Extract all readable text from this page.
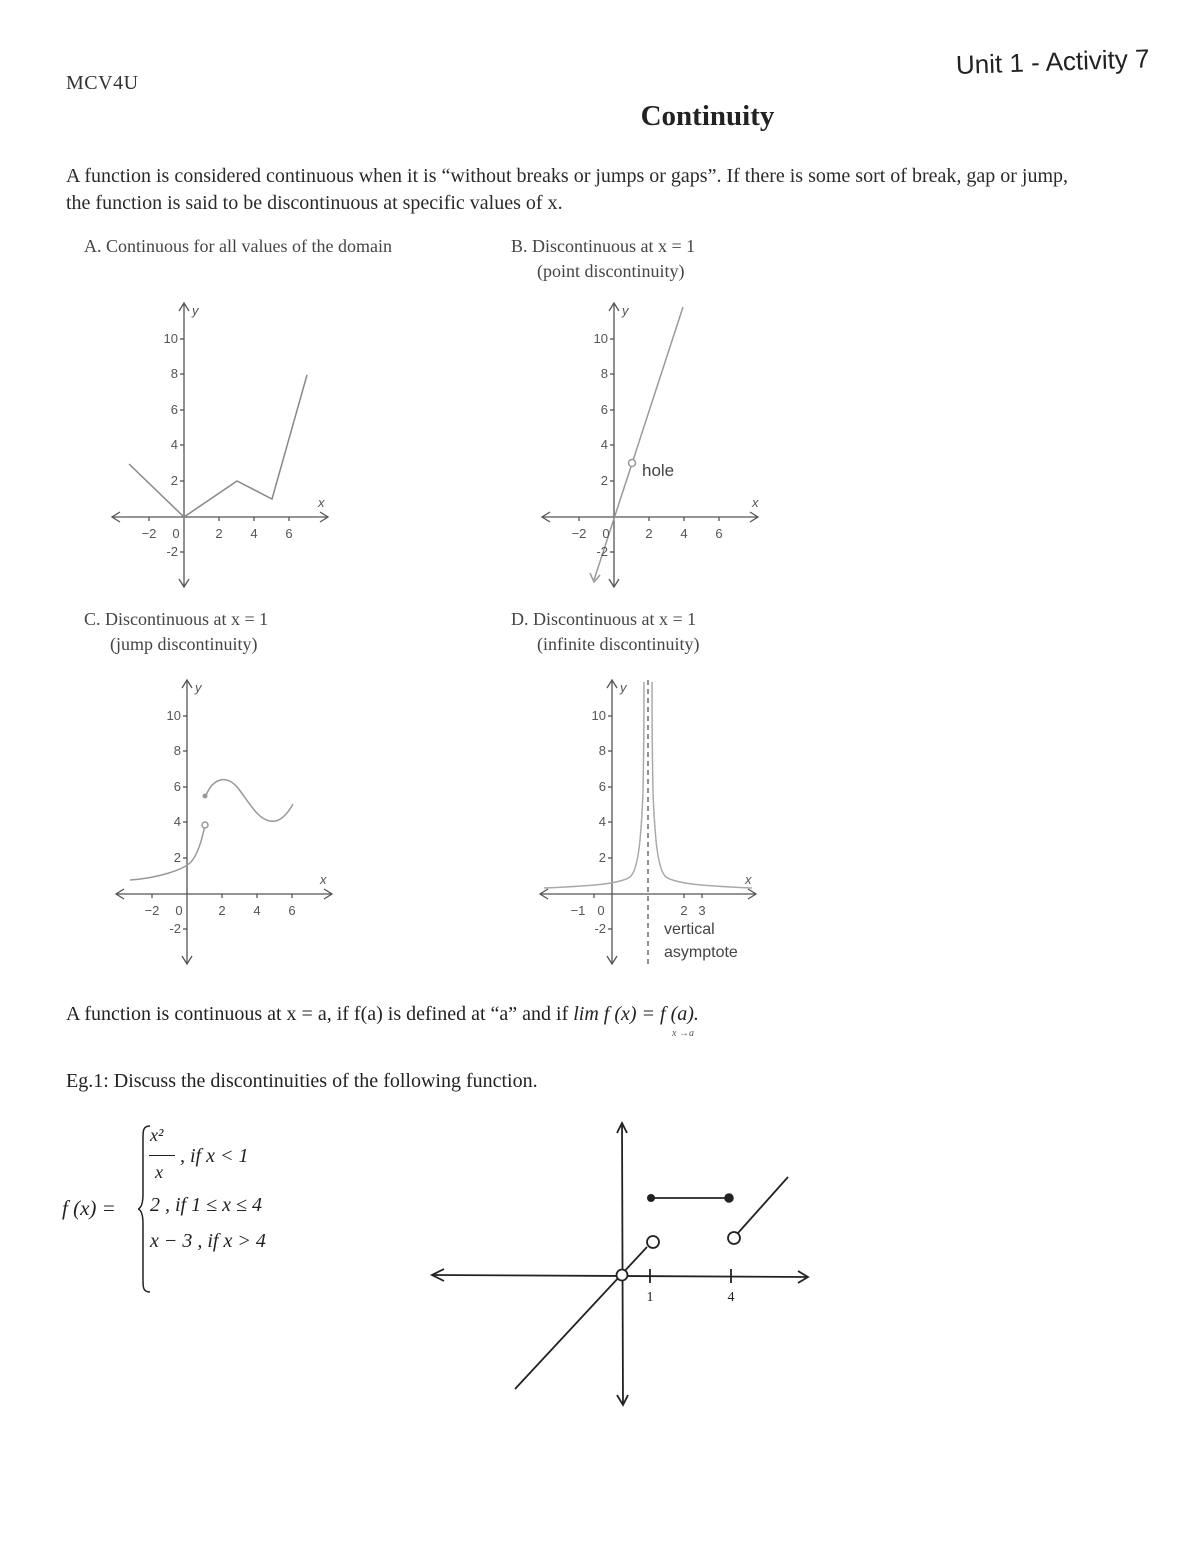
MCV4U
Unit 1 - Activity 7
Continuity
A function is considered continuous when it is “without breaks or jumps or gaps”. If there is some sort of break, gap or jump, the function is said to be discontinuous at specific values of x.
A. Continuous for all values of the domain	B. Discontinuous at x = 1
(point discontinuity)
C. Discontinuous at x = 1
(jump discontinuity)
D. Discontinuous at x = 1
(infinite discontinuity)
10
8
6
4
2
-2
−2 0	2 4 6
y
x
hole
10
8
6
4
2
-2
−2 0	2 4 6
y
x
10
8
6
4
2
-2
−2 0	2 4 6
y
x
10
8
6
4
2
-2
−1 0	2 3
y
x
vertical
asymptote
A function is continuous at x = a, if f(a) is defined at “a” and if lim f (x) = f (a).
x →a
Eg.1: Discuss the discontinuities of the following function.
f (x) =
x²
x
, if x < 1
2 , if 1 ≤ x ≤ 4
x − 3 , if x > 4
1	4
